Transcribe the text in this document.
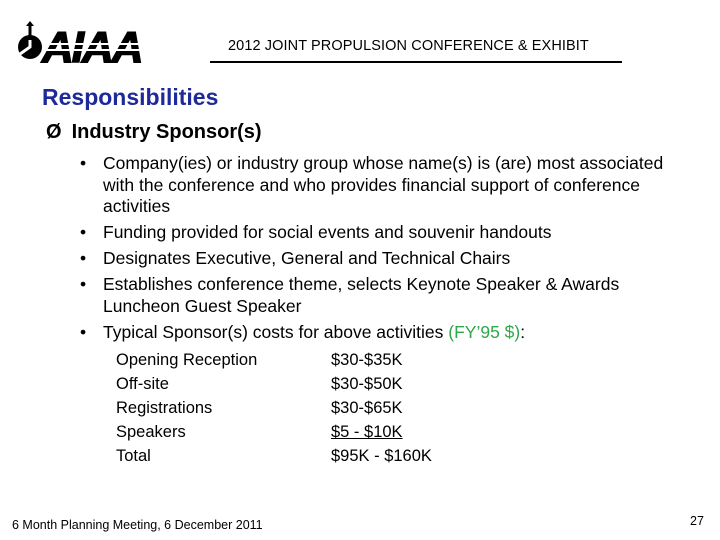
AIAA	2012 JOINT PROPULSION CONFERENCE & EXHIBIT
Responsibilities
Ø Industry Sponsor(s)
• Company(ies) or industry group whose name(s) is (are) most associated with the conference and who provides financial support of conference activities
• Funding provided for social events and souvenir handouts
• Designates Executive, General and Technical Chairs
• Establishes conference theme, selects Keynote Speaker & Awards Luncheon Guest Speaker
• Typical Sponsor(s) costs for above activities (FY’95 $):
Opening Reception	$30-$35K
Off-site	$30-$50K
Registrations	$30-$65K
Speakers	$5 - $10K
Total	$95K - $160K
6 Month Planning Meeting, 6 December 2011	27
